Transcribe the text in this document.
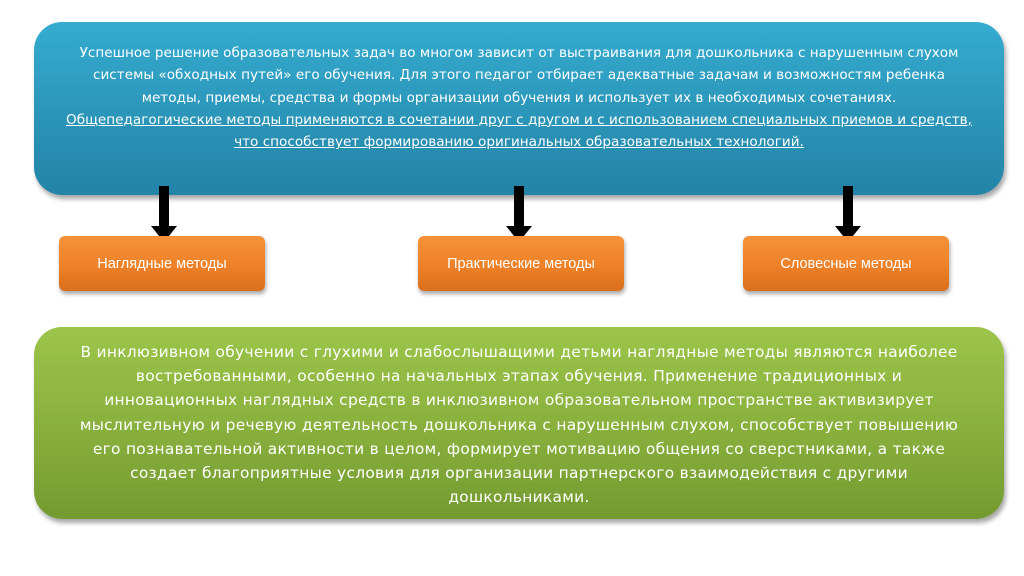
Успешное решение образовательных задач во многом зависит от выстраивания для дошкольника с нарушенным слухом системы «обходных путей» его обучения. Для этого педагог отбирает адекватные задачам и возможностям ребенка методы, приемы, средства и формы организации обучения и использует их в необходимых сочетаниях. Общепедагогические методы применяются в сочетании друг с другом и с использованием специальных приемов и средств, что способствует формированию оригинальных образовательных технологий.
Наглядные методы	Практические методы	Словесные методы
В инклюзивном обучении с глухими и слабослышащими детьми наглядные методы являются наиболее востребованными, особенно на начальных этапах обучения. Применение традиционных и инновационных наглядных средств в инклюзивном образовательном пространстве активизирует мыслительную и речевую деятельность дошкольника с нарушенным слухом, способствует повышению его познавательной активности в целом, формирует мотивацию общения со сверстниками, а также создает благоприятные условия для организации партнерского взаимодействия с другими дошкольниками.
